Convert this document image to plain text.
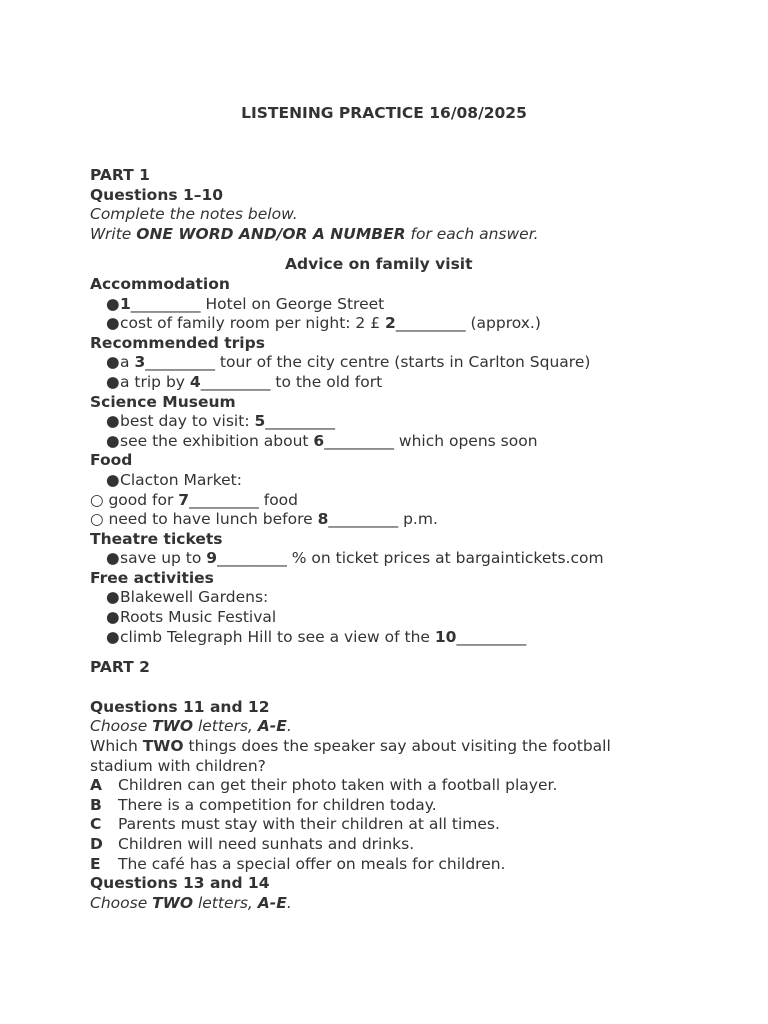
LISTENING PRACTICE 16/08/2025
PART 1
Questions 1–10
Complete the notes below.
Write ONE WORD AND/OR A NUMBER for each answer.
Advice on family visit
Accommodation
●1_________ Hotel on George Street
●cost of family room per night: 2 £ 2_________ (approx.)
Recommended trips
●a 3_________ tour of the city centre (starts in Carlton Square)
●a trip by 4_________ to the old fort
Science Museum
●best day to visit: 5_________
●see the exhibition about 6_________ which opens soon
Food
●Clacton Market:
○ good for 7_________ food
○ need to have lunch before 8_________ p.m.
Theatre tickets
●save up to 9_________ % on ticket prices at bargaintickets.com
Free activities
●Blakewell Gardens:
●Roots Music Festival
●climb Telegraph Hill to see a view of the 10_________
PART 2
Questions 11 and 12
Choose TWO letters, A-E.
Which TWO things does the speaker say about visiting the football
stadium with children?
A Children can get their photo taken with a football player.
B There is a competition for children today.
C Parents must stay with their children at all times.
D Children will need sunhats and drinks.
E The café has a special offer on meals for children.
Questions 13 and 14
Choose TWO letters, A-E.
